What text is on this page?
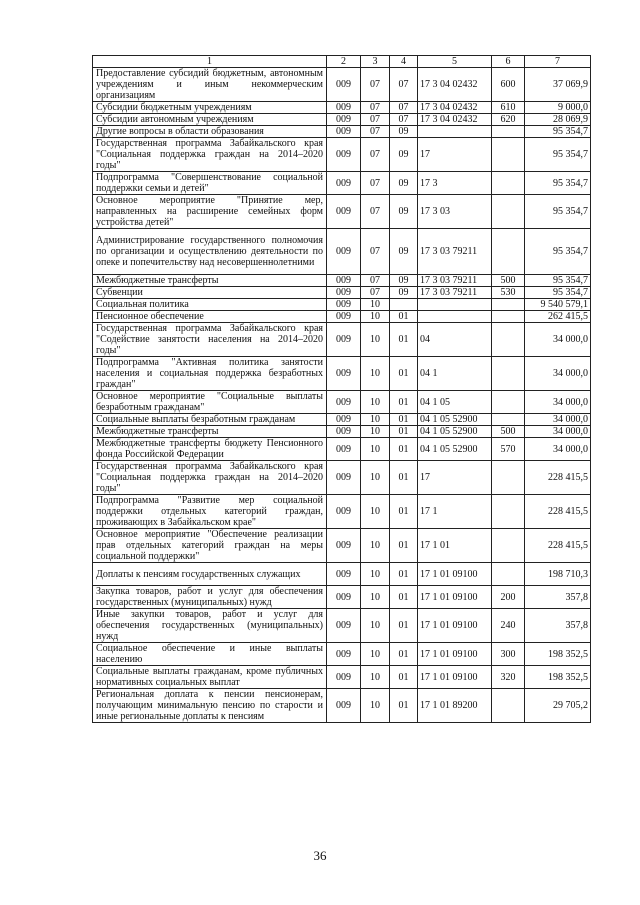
1	2	3	4	5	6	7
Предоставление субсидий бюджетным, автономным учреждениям и иным некоммерческим организациям	009	07	07	17 3 04 02432	600	37 069,9
Субсидии бюджетным учреждениям	009	07	07	17 3 04 02432	610	9 000,0
Субсидии автономным учреждениям	009	07	07	17 3 04 02432	620	28 069,9
Другие вопросы в области образования	009	07	09			95 354,7
Государственная программа Забайкальского края "Социальная поддержка граждан на 2014–2020 годы"	009	07	09	17		95 354,7
Подпрограмма "Совершенствование социальной поддержки семьи и детей"	009	07	09	17 3		95 354,7
Основное мероприятие "Принятие мер, направленных на расширение семейных форм устройства детей"	009	07	09	17 3 03		95 354,7
Администрирование государственного полномочия по организации и осуществлению деятельности по опеке и попечительству над несовершеннолетними	009	07	09	17 3 03 79211		95 354,7
Межбюджетные трансферты	009	07	09	17 3 03 79211	500	95 354,7
Субвенции	009	07	09	17 3 03 79211	530	95 354,7
Социальная политика	009	10				9 540 579,1
Пенсионное обеспечение	009	10	01			262 415,5
Государственная программа Забайкальского края "Содействие занятости населения на 2014–2020 годы"	009	10	01	04		34 000,0
Подпрограмма "Активная политика занятости населения и социальная поддержка безработных граждан"	009	10	01	04 1		34 000,0
Основное мероприятие "Социальные выплаты безработным гражданам"	009	10	01	04 1 05		34 000,0
Социальные выплаты безработным гражданам	009	10	01	04 1 05 52900		34 000,0
Межбюджетные трансферты	009	10	01	04 1 05 52900	500	34 000,0
Межбюджетные трансферты бюджету Пенсионного фонда Российской Федерации	009	10	01	04 1 05 52900	570	34 000,0
Государственная программа Забайкальского края "Социальная поддержка граждан на 2014–2020 годы"	009	10	01	17		228 415,5
Подпрограмма "Развитие мер социальной поддержки отдельных категорий граждан, проживающих в Забайкальском крае"	009	10	01	17 1		228 415,5
Основное мероприятие "Обеспечение реализации прав отдельных категорий граждан на меры социальной поддержки"	009	10	01	17 1 01		228 415,5
Доплаты к пенсиям государственных служащих	009	10	01	17 1 01 09100		198 710,3
Закупка товаров, работ и услуг для обеспечения государственных (муниципальных) нужд	009	10	01	17 1 01 09100	200	357,8
Иные закупки товаров, работ и услуг для обеспечения государственных (муниципальных) нужд	009	10	01	17 1 01 09100	240	357,8
Социальное обеспечение и иные выплаты населению	009	10	01	17 1 01 09100	300	198 352,5
Социальные выплаты гражданам, кроме публичных нормативных социальных выплат	009	10	01	17 1 01 09100	320	198 352,5
Региональная доплата к пенсии пенсионерам, получающим минимальную пенсию по старости и иные региональные доплаты к пенсиям	009	10	01	17 1 01 89200		29 705,2
36
